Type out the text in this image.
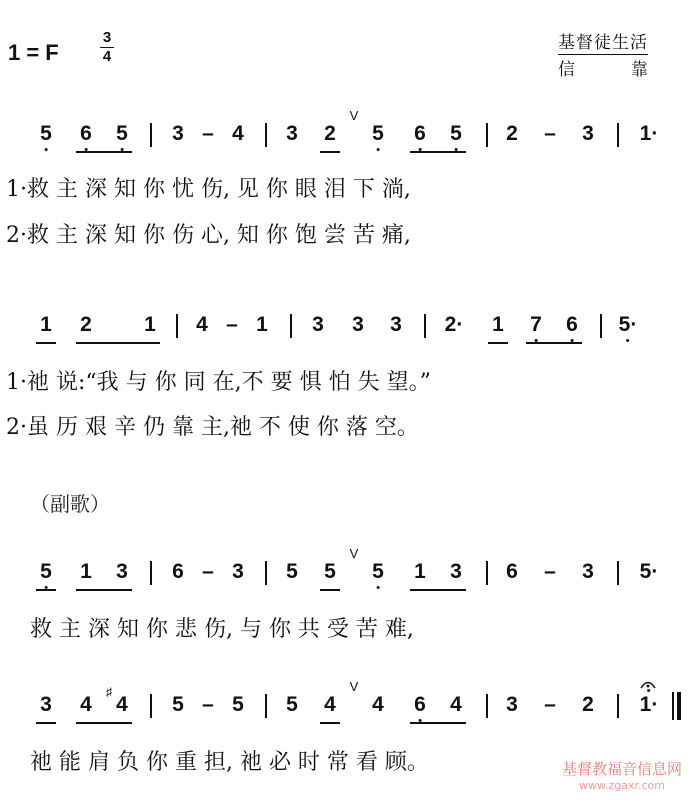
1 = F
3
4
基督徒生活
信	靠
5 6 5 3 – 4 3 2
V
5 6 5 2 – 3 1·
1·救 主 深 知 你 忧 伤, 见 你 眼 泪 下 淌,
2·救 主 深 知 你 伤 心, 知 你 饱 尝 苦 痛,
1 2 1 4 – 1 3 3 3 2· 1 7 6 5·
1·祂 说:“我 与 你 同 在,不 要 惧 怕 失 望。”
2·虽 历 艰 辛 仍 靠 主,祂 不 使 你 落 空。
（副歌）
5 1 3 6 – 3 5 5
V
5 1 3 6 – 3 5·
救 主 深 知 你 悲 伤, 与 你 共 受 苦 难,
3 4
♯
4 5 – 5 5 4
V
4 6 4 3 – 2 1·
祂 能 肩 负 你 重 担, 祂 必 时 常 看 顾。	基督教福音信息网
www.zgaxr.com
